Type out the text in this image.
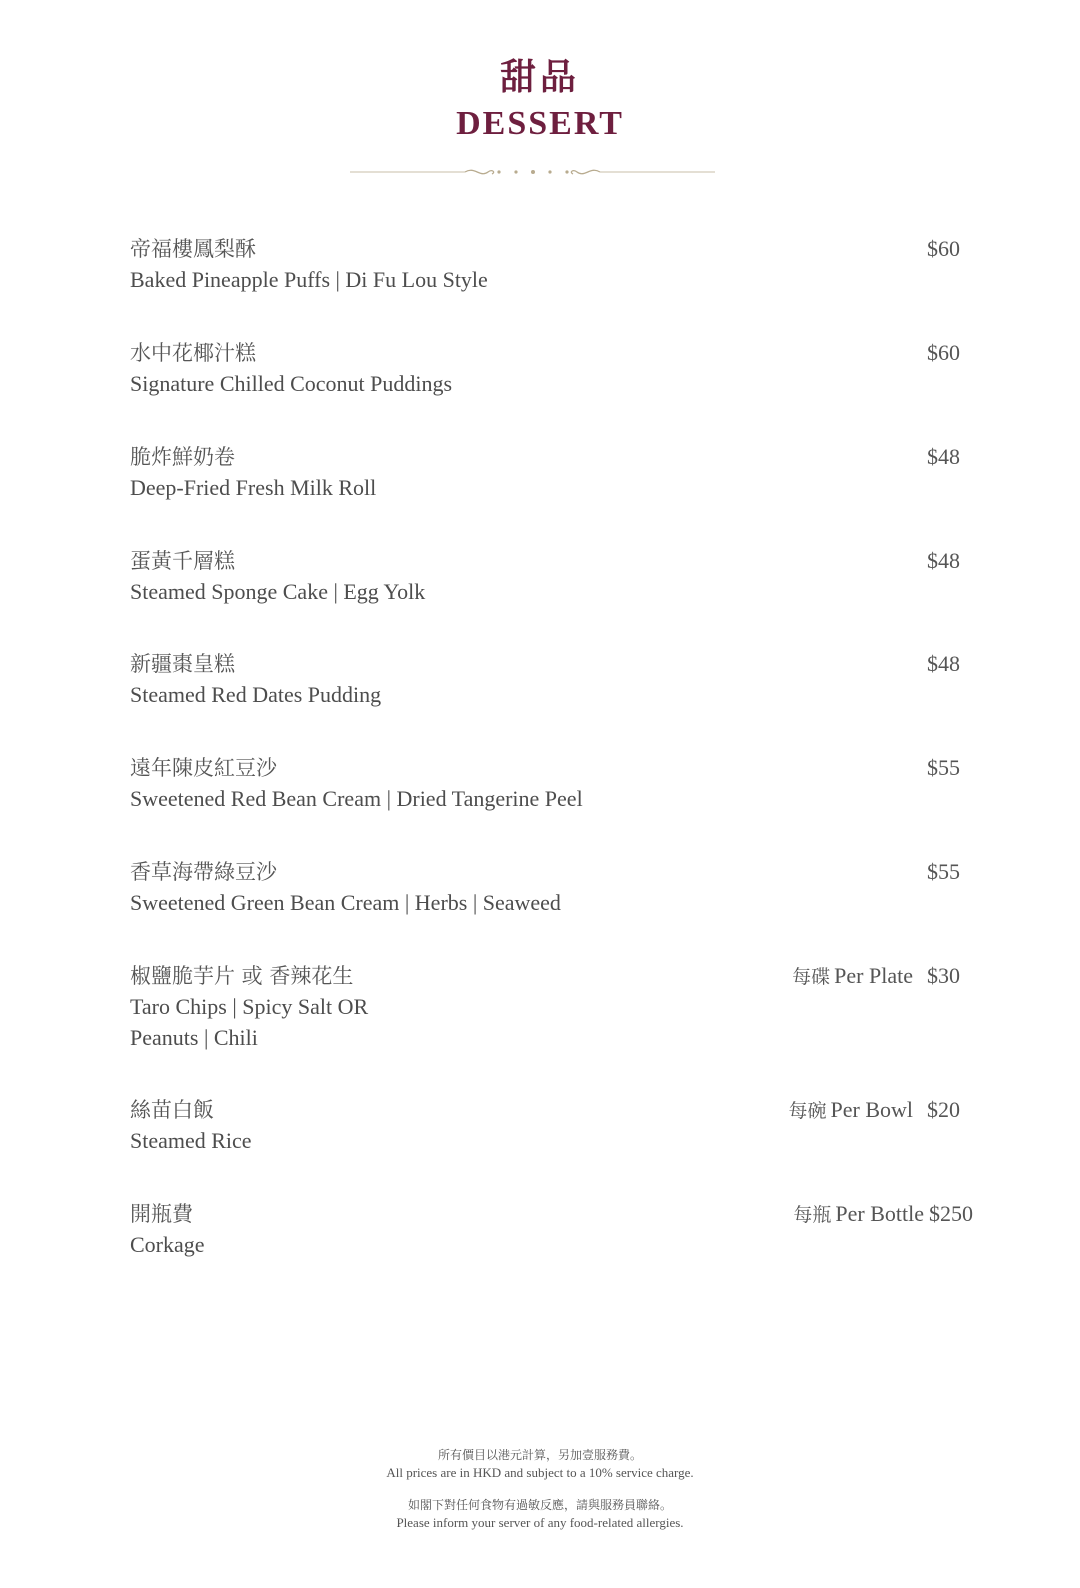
甜品
DESSERT
帝福樓鳳梨酥
Baked Pineapple Puffs | Di Fu Lou Style
$60
水中花椰汁糕
Signature Chilled Coconut Puddings
$60
脆炸鮮奶卷
Deep-Fried Fresh Milk Roll
$48
蛋黃千層糕
Steamed Sponge Cake | Egg Yolk
$48
新疆棗皇糕
Steamed Red Dates Pudding
$48
遠年陳皮紅豆沙
Sweetened Red Bean Cream | Dried Tangerine Peel
$55
香草海帶綠豆沙
Sweetened Green Bean Cream | Herbs | Seaweed
$55
椒鹽脆芋片 或 香辣花生
Taro Chips | Spicy Salt OR Peanuts | Chili
每碟 Per Plate $30
絲苗白飯
Steamed Rice
每碗 Per Bowl $20
開瓶費
Corkage
每瓶 Per Bottle $250
所有價目以港元計算，另加壹服務費。
All prices are in HKD and subject to a 10% service charge.
如閣下對任何食物有過敏反應，請與服務員聯絡。
Please inform your server of any food-related allergies.
